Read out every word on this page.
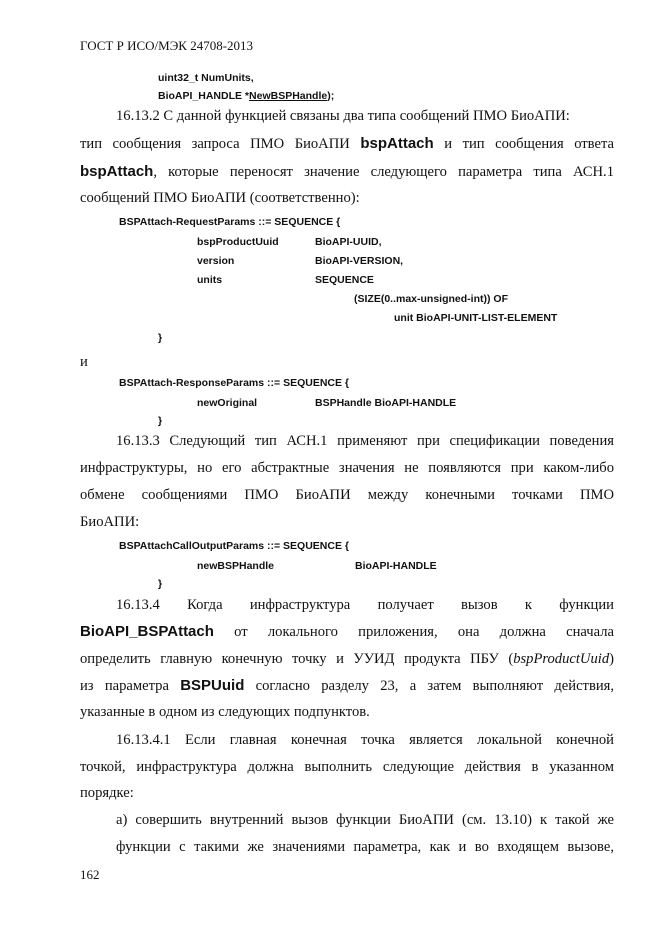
ГОСТ Р ИСО/МЭК 24708-2013
uint32_t NumUnits,
BioAPI_HANDLE *NewBSPHandle);
16.13.2 С данной функцией связаны два типа сообщений ПМО БиоАПИ:
тип сообщения запроса ПМО БиоАПИ bspAttach и тип сообщения ответа
bspAttach, которые переносят значение следующего параметра типа АСН.1
сообщений ПМО БиоАПИ (соответственно):
BSPAttach-RequestParams ::= SEQUENCE {
bspProductUuid	BioAPI-UUID,
version	BioAPI-VERSION,
units	SEQUENCE
(SIZE(0..max-unsigned-int)) OF
unit BioAPI-UNIT-LIST-ELEMENT
}
и
BSPAttach-ResponseParams ::= SEQUENCE {
newOriginal	BSPHandle BioAPI-HANDLE
}
16.13.3 Следующий тип АСН.1 применяют при спецификации поведения
инфраструктуры, но его абстрактные значения не появляются при каком-либо
обмене сообщениями ПМО БиоАПИ между конечными точками ПМО
БиоАПИ:
BSPAttachCallOutputParams ::= SEQUENCE {
newBSPHandle	BioAPI-HANDLE
}
16.13.4 Когда инфраструктура получает вызов к функции
BioAPI_BSPAttach от локального приложения, она должна сначала
определить главную конечную точку и УУИД продукта ПБУ (bspProductUuid)
из параметра BSPUuid согласно разделу 23, а затем выполняют действия,
указанные в одном из следующих подпунктов.
16.13.4.1 Если главная конечная точка является локальной конечной
точкой, инфраструктура должна выполнить следующие действия в указанном
порядке:
а) совершить внутренний вызов функции БиоАПИ (см. 13.10) к такой же
функции с такими же значениями параметра, как и во входящем вызове,
162
